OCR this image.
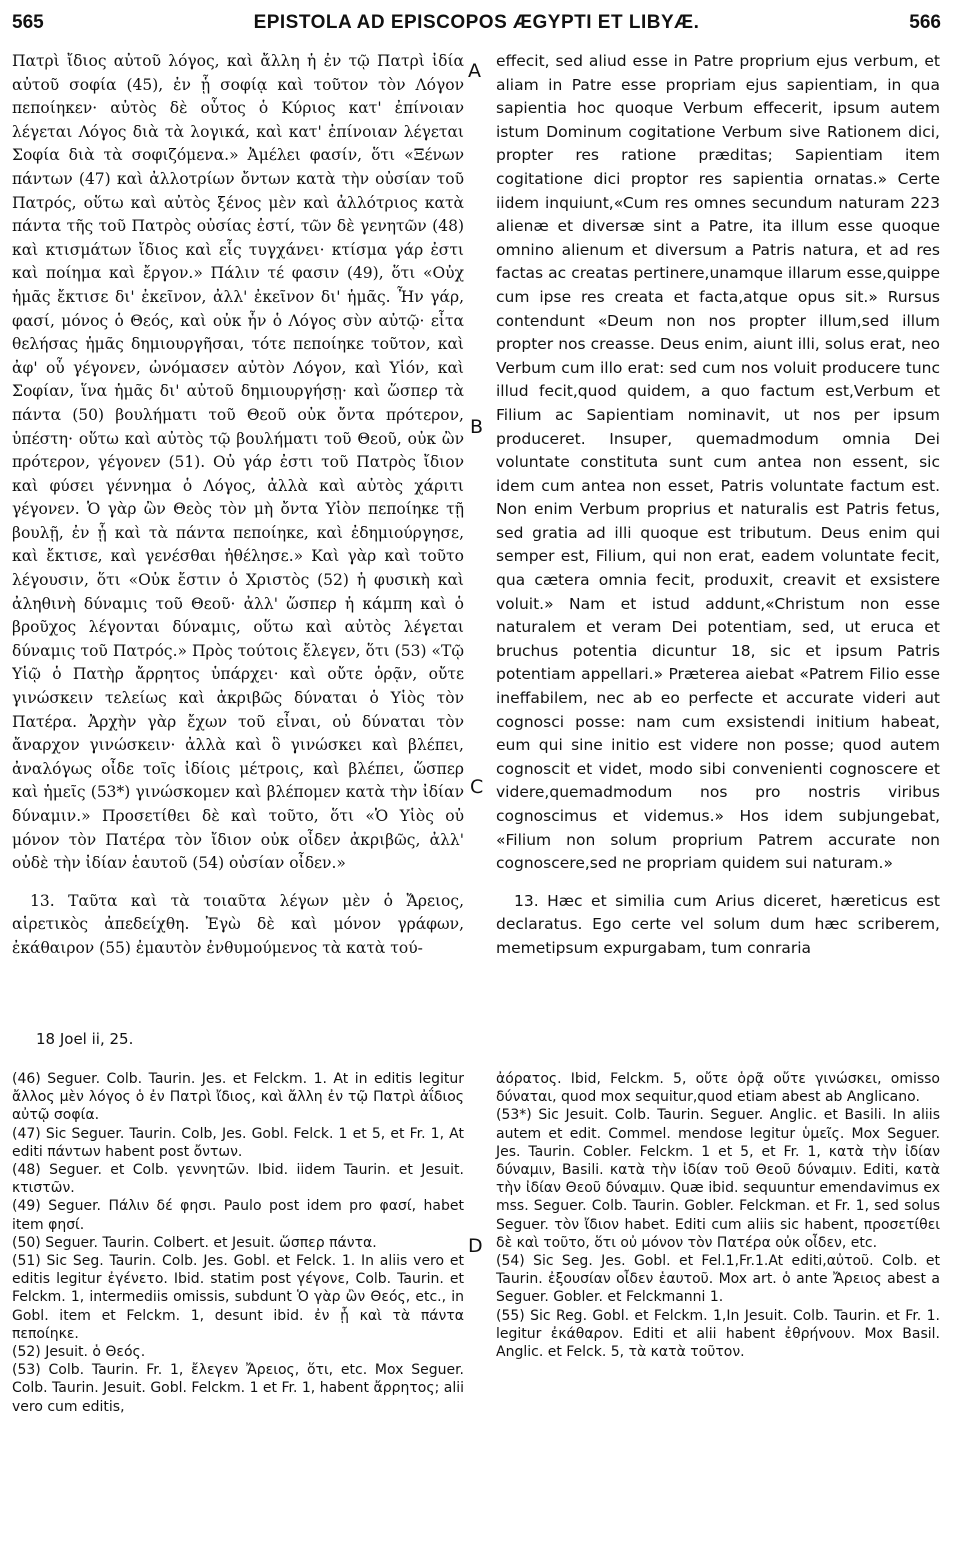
565	EPISTOLA AD EPISCOPOS ÆGYPTI ET LIBYÆ.	566

Πατρὶ ἴδιος αὐτοῦ λόγος, καὶ ἄλλη ἡ ἐν τῷ Πατρὶ ἰδία αὐτοῦ σοφία (45), ἐν ᾗ σοφίᾳ καὶ τοῦτον τὸν Λόγον πεποίηκεν· αὐτὸς δὲ οὗτος ὁ Κύριος κατ' ἐπίνοιαν λέγεται Λόγος διὰ τὰ λογικά, καὶ κατ' ἐπίνοιαν λέγεται Σοφία διὰ τὰ σοφιζόμενα.» Ἀμέλει φασίν, ὅτι «Ξένων πάντων (47) καὶ ἀλλοτρίων ὄντων κατὰ τὴν οὐσίαν τοῦ Πατρός, οὕτω καὶ αὐτὸς ξένος μὲν καὶ ἀλλότριος κατὰ πάντα τῆς τοῦ Πατρὸς οὐσίας ἐστί, τῶν δὲ γενητῶν (48) καὶ κτισμάτων ἴδιος καὶ εἷς τυγχάνει· κτίσμα γάρ ἐστι καὶ ποίημα καὶ ἔργον.» Πάλιν τέ φασιν (49), ὅτι «Οὐχ ἡμᾶς ἔκτισε δι' ἐκεῖνον, ἀλλ' ἐκεῖνον δι' ἡμᾶς. Ἦν γάρ, φασί, μόνος ὁ Θεός, καὶ οὐκ ἦν ὁ Λόγος σὺν αὐτῷ· εἶτα θελήσας ἡμᾶς δημιουργῆσαι, τότε πεποίηκε τοῦτον, καὶ ἀφ' οὗ γέγονεν, ὠνόμασεν αὐτὸν Λόγον, καὶ Υἱόν, καὶ Σοφίαν, ἵνα ἡμᾶς δι' αὐτοῦ δημιουργήσῃ· καὶ ὥσπερ τὰ πάντα (50) βουλήματι τοῦ Θεοῦ οὐκ ὄντα πρότερον, ὑπέστη· οὕτω καὶ αὐτὸς τῷ βουλήματι τοῦ Θεοῦ, οὐκ ὢν πρότερον, γέγονεν (51). Οὐ γάρ ἐστι τοῦ Πατρὸς ἴδιον καὶ φύσει γέννημα ὁ Λόγος, ἀλλὰ καὶ αὐτὸς χάριτι γέγονεν. Ὁ γὰρ ὢν Θεὸς τὸν μὴ ὄντα Υἱὸν πεποίηκε τῇ βουλῇ, ἐν ᾗ καὶ τὰ πάντα πεποίηκε, καὶ ἐδημιούργησε, καὶ ἔκτισε, καὶ γενέσθαι ἠθέλησε.» Καὶ γὰρ καὶ τοῦτο λέγουσιν, ὅτι «Οὐκ ἔστιν ὁ Χριστὸς (52) ἡ φυσικὴ καὶ ἀληθινὴ δύναμις τοῦ Θεοῦ· ἀλλ' ὥσπερ ἡ κάμπη καὶ ὁ βροῦχος λέγονται δύναμις, οὕτω καὶ αὐτὸς λέγεται δύναμις τοῦ Πατρός.» Πρὸς τούτοις ἔλεγεν, ὅτι (53) «Τῷ Υἱῷ ὁ Πατὴρ ἄρρητος ὑπάρχει· καὶ οὔτε ὁρᾷν, οὔτε γινώσκειν τελείως καὶ ἀκριβῶς δύναται ὁ Υἱὸς τὸν Πατέρα. Ἀρχὴν γὰρ ἔχων τοῦ εἶναι, οὐ δύναται τὸν ἄναρχον γινώσκειν· ἀλλὰ καὶ ὃ γινώσκει καὶ βλέπει, ἀναλόγως οἶδε τοῖς ἰδίοις μέτροις, καὶ βλέπει, ὥσπερ καὶ ἡμεῖς (53*) γινώσκομεν καὶ βλέπομεν κατὰ τὴν ἰδίαν δύναμιν.» Προσετίθει δὲ καὶ τοῦτο, ὅτι «Ὁ Υἱὸς οὐ μόνον τὸν Πατέρα τὸν ἴδιον οὐκ οἶδεν ἀκριβῶς, ἀλλ' οὐδὲ τὴν ἰδίαν ἑαυτοῦ (54) οὐσίαν οἶδεν.»

13. Ταῦτα καὶ τὰ τοιαῦτα λέγων μὲν ὁ Ἄρειος, αἱρετικὸς ἀπεδείχθη. Ἐγὼ δὲ καὶ μόνον γράφων, ἐκάθαιρον (55) ἐμαυτὸν ἐνθυμούμενος τὰ κατὰ τού-

effecit, sed aliud esse in Patre proprium ejus verbum, et aliam in Patre esse propriam ejus sapientiam, in qua sapientia hoc quoque Verbum effecerit, ipsum autem istum Dominum cogitatione Verbum sive Rationem dici, propter res ratione præditas; Sapientiam item cogitatione dici proptor res sapientia ornatas.» Certe iidem inquiunt,«Cum res omnes secundum naturam 223 alienæ et diversæ sint a Patre, ita illum esse quoque omnino alienum et diversum a Patris natura, et ad res factas ac creatas pertinere,unamque illarum esse,quippe cum ipse res creata et facta,atque opus sit.» Rursus contendunt «Deum non nos propter illum,sed illum propter nos creasse. Deus enim, aiunt illi, solus erat, neo Verbum cum illo erat: sed cum nos voluit producere tunc illud fecit,quod quidem, a quo factum est,Verbum et Filium ac Sapientiam nominavit, ut nos per ipsum produceret. Insuper, quemadmodum omnia Dei voluntate constituta sunt cum antea non essent, sic idem cum antea non esset, Patris voluntate factum est. Non enim Verbum proprius et naturalis est Patris fetus, sed gratia ad illi quoque est tributum. Deus enim qui semper est, Filium, qui non erat, eadem voluntate fecit, qua cætera omnia fecit, produxit, creavit et exsistere voluit.» Nam et istud addunt,«Christum non esse naturalem et veram Dei potentiam, sed, ut eruca et bruchus potentia dicuntur 18, sic et ipsum Patris potentiam appellari.» Præterea aiebat «Patrem Filio esse ineffabilem, nec ab eo perfecte et accurate videri aut cognosci posse: nam cum exsistendi initium habeat, eum qui sine initio est videre non posse; quod autem cognoscit et videt, modo sibi convenienti cognoscere et videre,quemadmodum nos pro nostris viribus cognoscimus et videmus.» Hos idem subjungebat, «Filium non solum proprium Patrem accurate non cognoscere,sed ne propriam quidem sui naturam.»

13. Hæc et similia cum Arius diceret, hæreticus est declaratus. Ego certe vel solum dum hæc scriberem, memetipsum expurgabam, tum conraria

A
B
C
18 Joel ii, 25.

(46) Seguer. Colb. Taurin. Jes. et Felckm. 1. At in editis legitur ἄλλος μὲν λόγος ὁ ἐν Πατρὶ ἴδιος, καὶ ἄλλη ἐν τῷ Πατρὶ ἀΐδιος αὐτῷ σοφία.

(47) Sic Seguer. Taurin. Colb, Jes. Gobl. Felck. 1 et 5, et Fr. 1, At editi πάντων habent post ὄντων.

(48) Seguer. et Colb. γεννητῶν. Ibid. iidem Taurin. et Jesuit. κτιστῶν.

(49) Seguer. Πάλιν δέ φησι. Paulo post idem pro φασί, habet item φησί.

(50) Seguer. Taurin. Colbert. et Jesuit. ὥσπερ πάντα.

(51) Sic Seg. Taurin. Colb. Jes. Gobl. et Felck. 1. In aliis vero et editis legitur ἐγένετο. Ibid. statim post γέγονε, Colb. Taurin. et Felckm. 1, intermediis omissis, subdunt Ὁ γὰρ ὢν Θεός, etc., in Gobl. item et Felckm. 1, desunt ibid. ἐν ᾗ καὶ τὰ πάντα πεποίηκε.

(52) Jesuit. ὁ Θεός.

(53) Colb. Taurin. Fr. 1, ἔλεγεν Ἄρειος, ὅτι, etc. Mox Seguer. Colb. Taurin. Jesuit. Gobl. Felckm. 1 et Fr. 1, habent ἄρρητος; alii vero cum editis,

D

ἀόρατος. Ibid, Felckm. 5, οὔτε ὁρᾷ οὔτε γινώσκει, omisso δύναται, quod mox sequitur,quod etiam abest ab Anglicano.

(53*) Sic Jesuit. Colb. Taurin. Seguer. Anglic. et Basili. In aliis autem et edit. Commel. mendose legitur ὑμεῖς. Mox Seguer. Jes. Taurin. Cobler. Felckm. 1 et 5, et Fr. 1, κατὰ τὴν ἰδίαν δύναμιν, Basili. κατὰ τὴν ἰδίαν τοῦ Θεοῦ δύναμιν. Editi, κατὰ τὴν ἰδίαν Θεοῦ δύναμιν. Quæ ibid. sequuntur emendavimus ex mss. Seguer. Colb. Taurin. Gobler. Felckman. et Fr. 1, sed solus Seguer. τὸν ἴδιον habet. Editi cum aliis sic habent, προσετίθει δὲ καὶ τοῦτο, ὅτι οὐ μόνον τὸν Πατέρα οὐκ οἶδεν, etc.

(54) Sic Seg. Jes. Gobl. et Fel.1,Fr.1.At editi,αὐτοῦ. Colb. et Taurin. ἐξουσίαν οἶδεν ἑαυτοῦ. Mox art. ὁ ante Ἄρειος abest a Seguer. Gobler. et Felckmanni 1.

(55) Sic Reg. Gobl. et Felckm. 1,In Jesuit. Colb. Taurin. et Fr. 1. legitur ἐκάθαρον. Editi et alii habent ἐθρήνουν. Mox Basil. Anglic. et Felck. 5, τὰ κατὰ τοῦτον.
